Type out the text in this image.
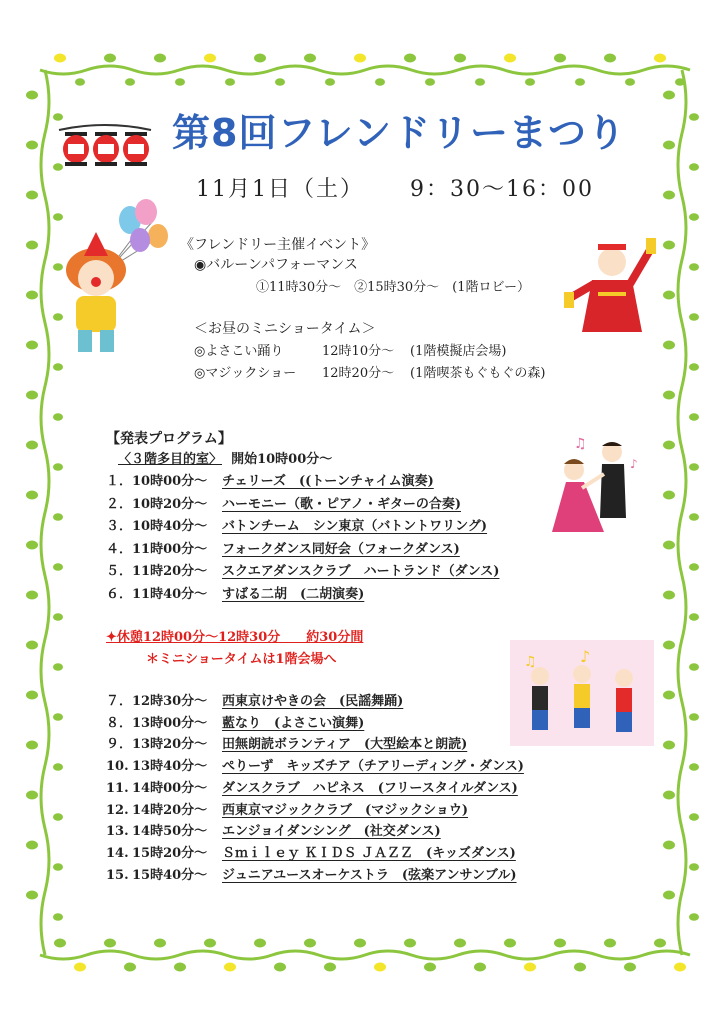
第8回フレンドリーまつり
11月1日（土） 9：30〜16：00
《フレンドリー主催イベント》
◉バルーンパフォーマンス
①11時30分〜　②15時30分〜　(1階ロビー）
＜お昼のミニショータイム＞
◎よさこい踊り	12時10分〜 (1階模擬店会場)
◎マジックショー 12時20分〜 (1階喫茶もぐもぐの森)
【発表プログラム】
〈３階多目的室〉 開始10時00分〜
１．10時00分〜 チェリーズ　((トーンチャイム演奏)
２．10時20分〜 ハーモニー（歌・ピアノ・ギターの合奏)
３．10時40分〜 バトンチーム　シン東京（バトントワリング)
４．11時00分〜 フォークダンス同好会（フォークダンス)
５．11時20分〜 スクエアダンスクラブ　ハートランド（ダンス)
６．11時40分〜 すばる二胡　(二胡演奏)
✦休憩12時00分〜12時30分　　約30分間
＊ミニショータイムは1階会場へ
７．12時30分〜 西東京けやきの会　(民謡舞踊)
８．13時00分〜 藍なり　(よさこい演舞)
９．13時20分〜 田無朗読ボランティア　(大型絵本と朗読)
10. 13時40分〜 ぺりーず　キッズチア（チアリーディング・ダンス)
11. 14時00分〜 ダンスクラブ　ハピネス　(フリースタイルダンス)
12. 14時20分〜 西東京マジッククラブ　(マジックショウ)
13. 14時50分〜 エンジョイダンシング　(社交ダンス)
14. 15時20分〜 Ｓｍｉｌｅｙ ＫＩＤＳ ＪＡＺＺ　(キッズダンス)
15. 15時40分〜 ジュニアユースオーケストラ　(弦楽アンサンブル)
♫
♪
♪
♫
